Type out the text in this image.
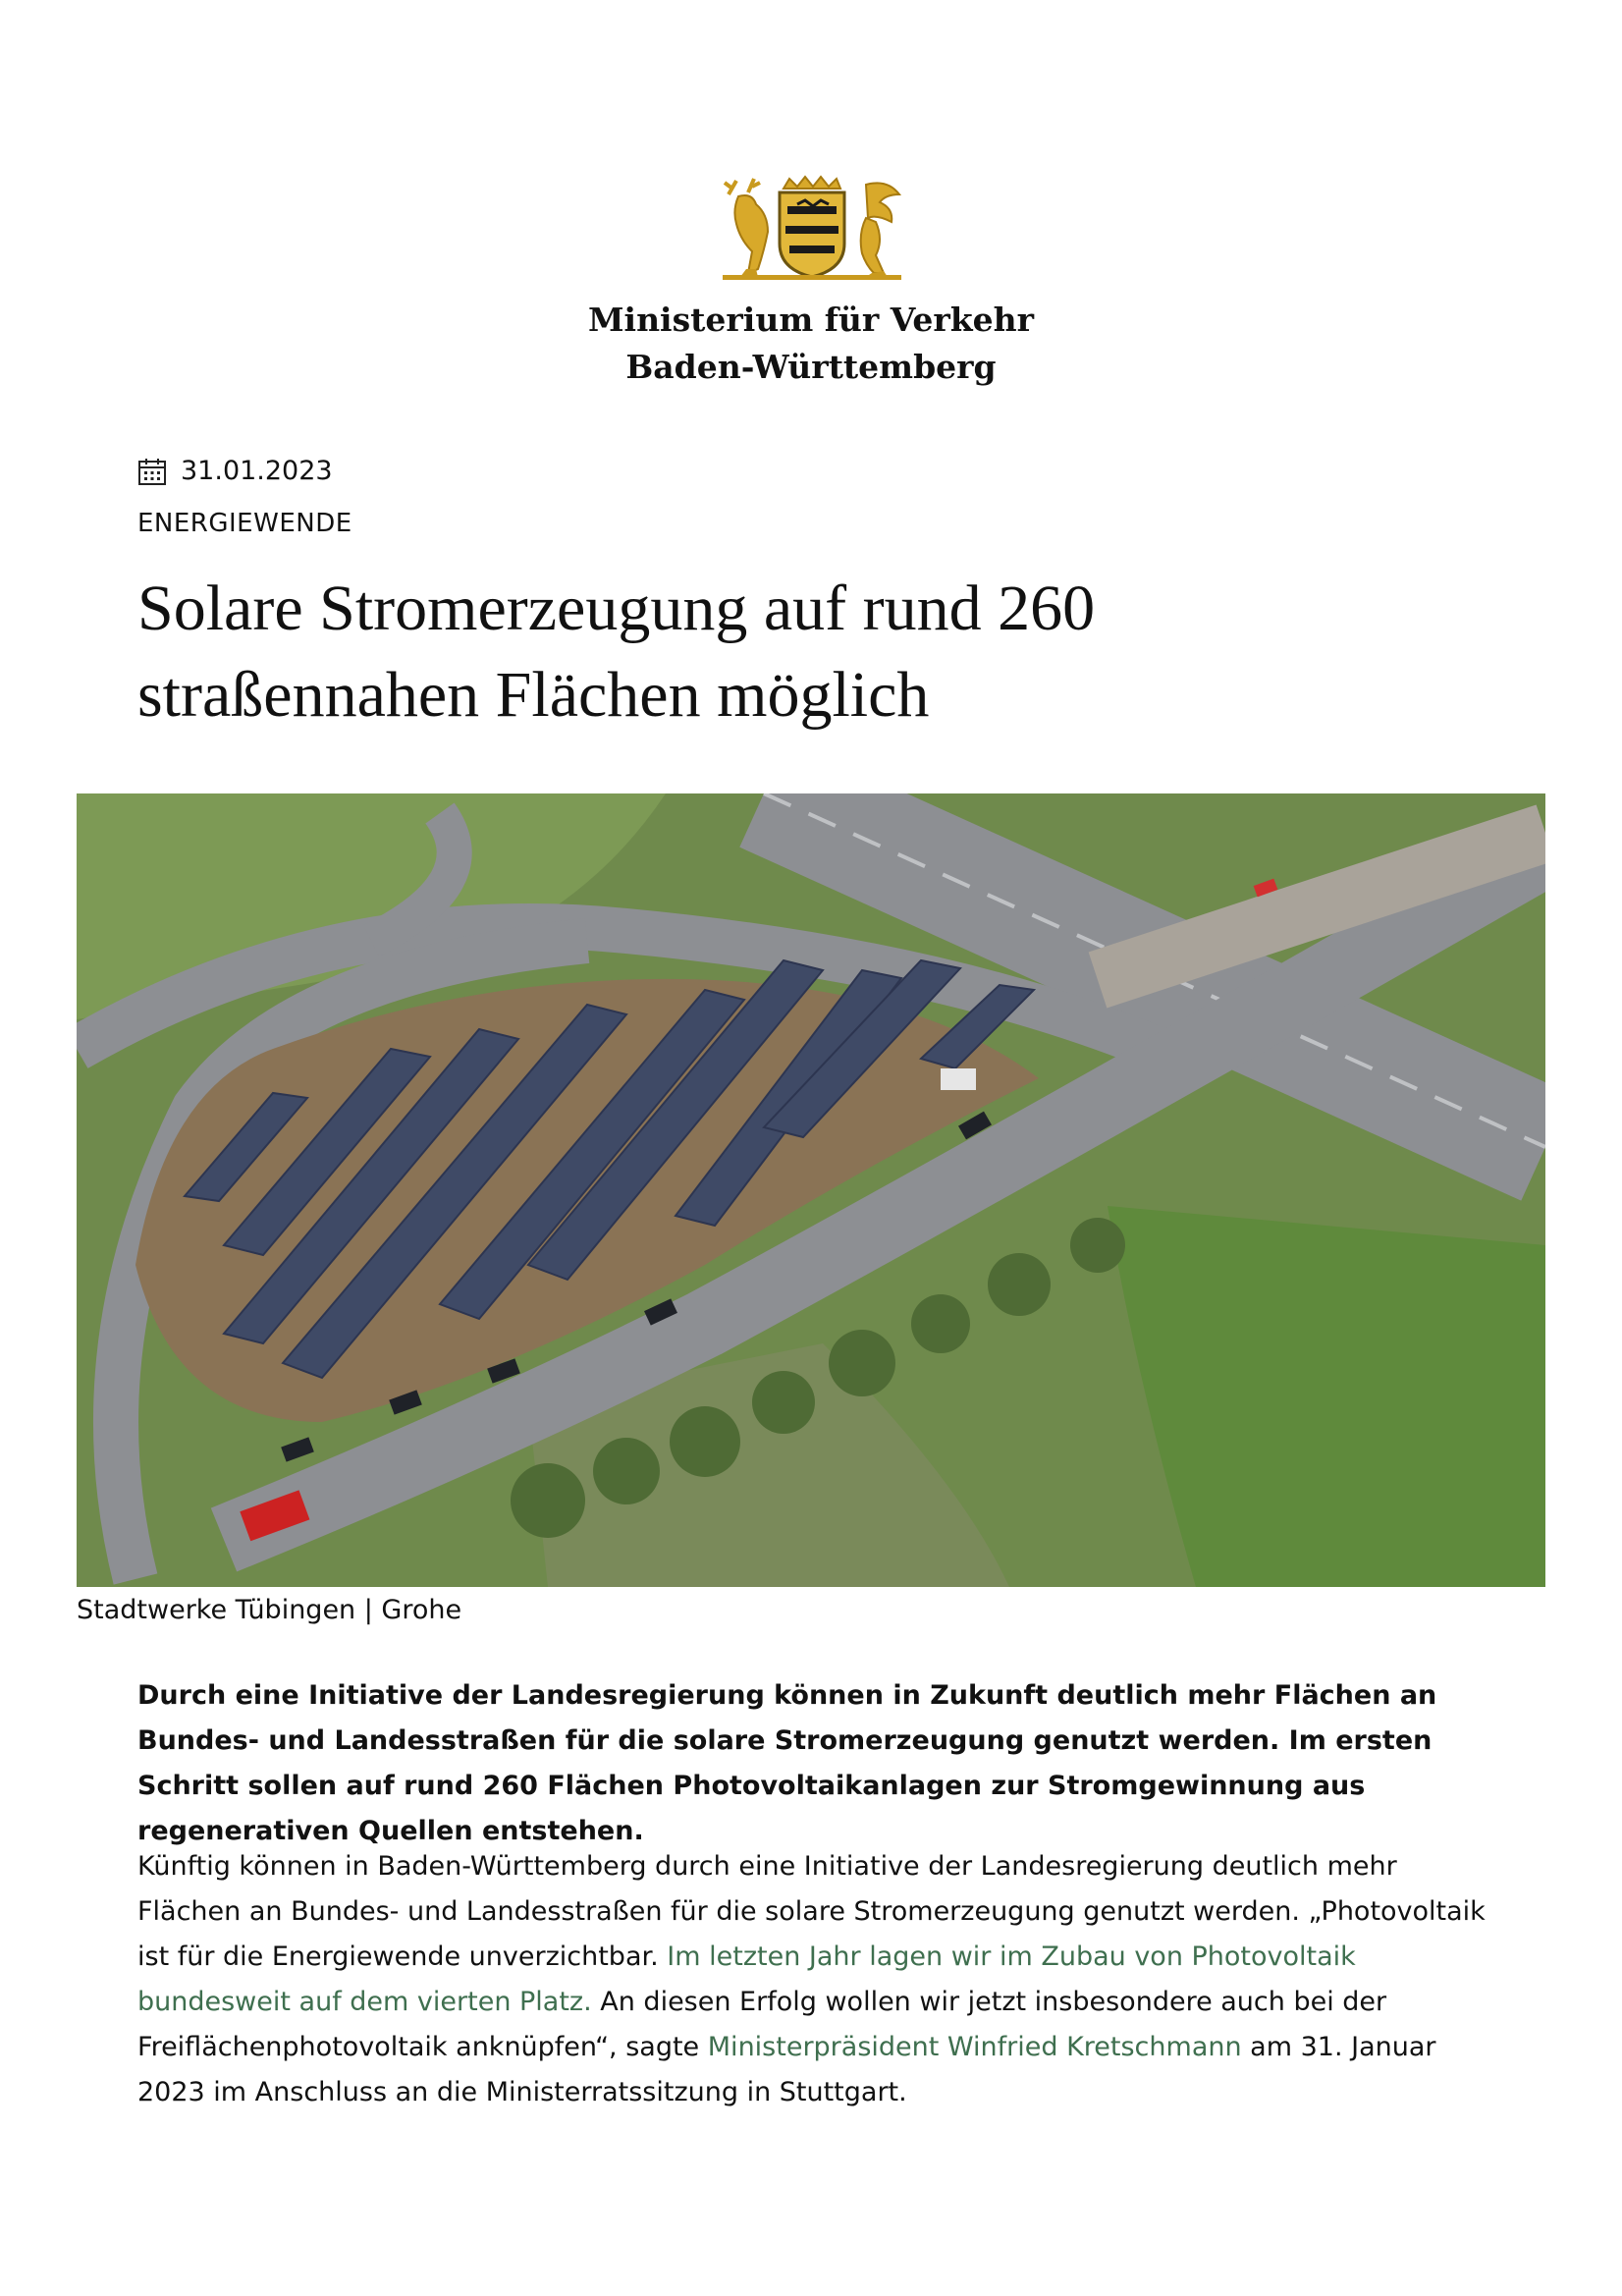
Ministerium für Verkehr
Baden-Württemberg
31.01.2023
ENERGIEWENDE
Solare Stromerzeugung auf rund 260
straßennahen Flächen möglich
Stadtwerke Tübingen | Grohe

Durch eine Initiative der Landesregierung können in Zukunft deutlich mehr Flächen an Bundes- und Landesstraßen für die solare Stromerzeugung genutzt werden. Im ersten Schritt sollen auf rund 260 Flächen Photovoltaikanlagen zur Stromgewinnung aus regenerativen Quellen entstehen.

Künftig können in Baden-Württemberg durch eine Initiative der Landesregierung deutlich mehr Flächen an Bundes- und Landesstraßen für die solare Stromerzeugung genutzt werden. „Photovoltaik ist für die Energiewende unverzichtbar. Im letzten Jahr lagen wir im Zubau von Photovoltaik bundesweit auf dem vierten Platz. An diesen Erfolg wollen wir jetzt insbesondere auch bei der Freiflächenphotovoltaik anknüpfen“, sagte Ministerpräsident Winfried Kretschmann am 31. Januar 2023 im Anschluss an die Ministerratssitzung in Stuttgart.
